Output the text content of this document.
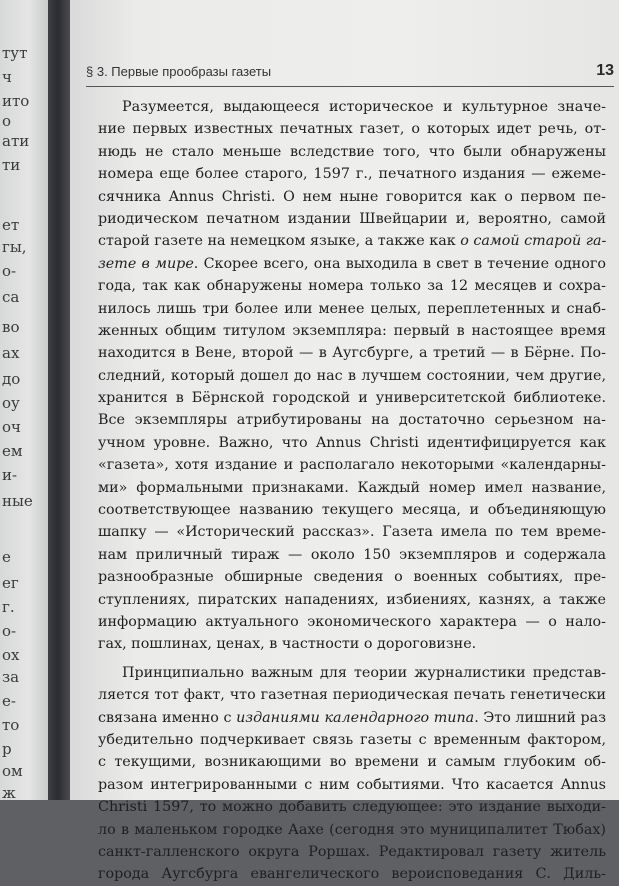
тут
ч
ито
о
ати
ти
ет
гы,
о-
са
во
ах
до
оу
оч
ем
и-
ные
е
ег
г.
о-
ох
за
е-
то
р
ом
ж
§ 3. Первые прообразы газеты	13
Разумеется, выдающееся историческое и культурное значе-
ние первых известных печатных газет, о которых идет речь, от-
нюдь не стало меньше вследствие того, что были обнаружены
номера еще более старого, 1597 г., печатного издания — ежеме-
сячника Annus Christi. О нем ныне говорится как о первом пе-
риодическом печатном издании Швейцарии и, вероятно, самой
старой газете на немецком языке, а также как о самой старой га-
зете в мире. Скорее всего, она выходила в свет в течение одного
года, так как обнаружены номера только за 12 месяцев и сохра-
нилось лишь три более или менее целых, переплетенных и снаб-
женных общим титулом экземпляра: первый в настоящее время
находится в Вене, второй — в Аугсбурге, а третий — в Бёрне. По-
следний, который дошел до нас в лучшем состоянии, чем другие,
хранится в Бёрнской городской и университетской библиотеке.
Все экземпляры атрибутированы на достаточно серьезном на-
учном уровне. Важно, что Annus Christi идентифицируется как
«газета», хотя издание и располагало некоторыми «календарны-
ми» формальными признаками. Каждый номер имел название,
соответствующее названию текущего месяца, и объединяющую
шапку — «Исторический рассказ». Газета имела по тем време-
нам приличный тираж — около 150 экземпляров и содержала
разнообразные обширные сведения о военных событиях, пре-
ступлениях, пиратских нападениях, избиениях, казнях, а также
информацию актуального экономического характера — о нало-
гах, пошлинах, ценах, в частности о дороговизне.
Принципиально важным для теории журналистики представ-
ляется тот факт, что газетная периодическая печать генетически
связана именно с изданиями календарного типа. Это лишний раз
убедительно подчеркивает связь газеты с временным фактором,
с текущими, возникающими во времени и самым глубоким об-
разом интегрированными с ним событиями. Что касается Annus
Christi 1597, то можно добавить следующее: это издание выходи-
ло в маленьком городке Аахе (сегодня это муниципалитет Тюбах)
санкт-галленского округа Роршах. Редактировал газету житель
города Аугсбурга евангелического вероисповедания С. Диль-
